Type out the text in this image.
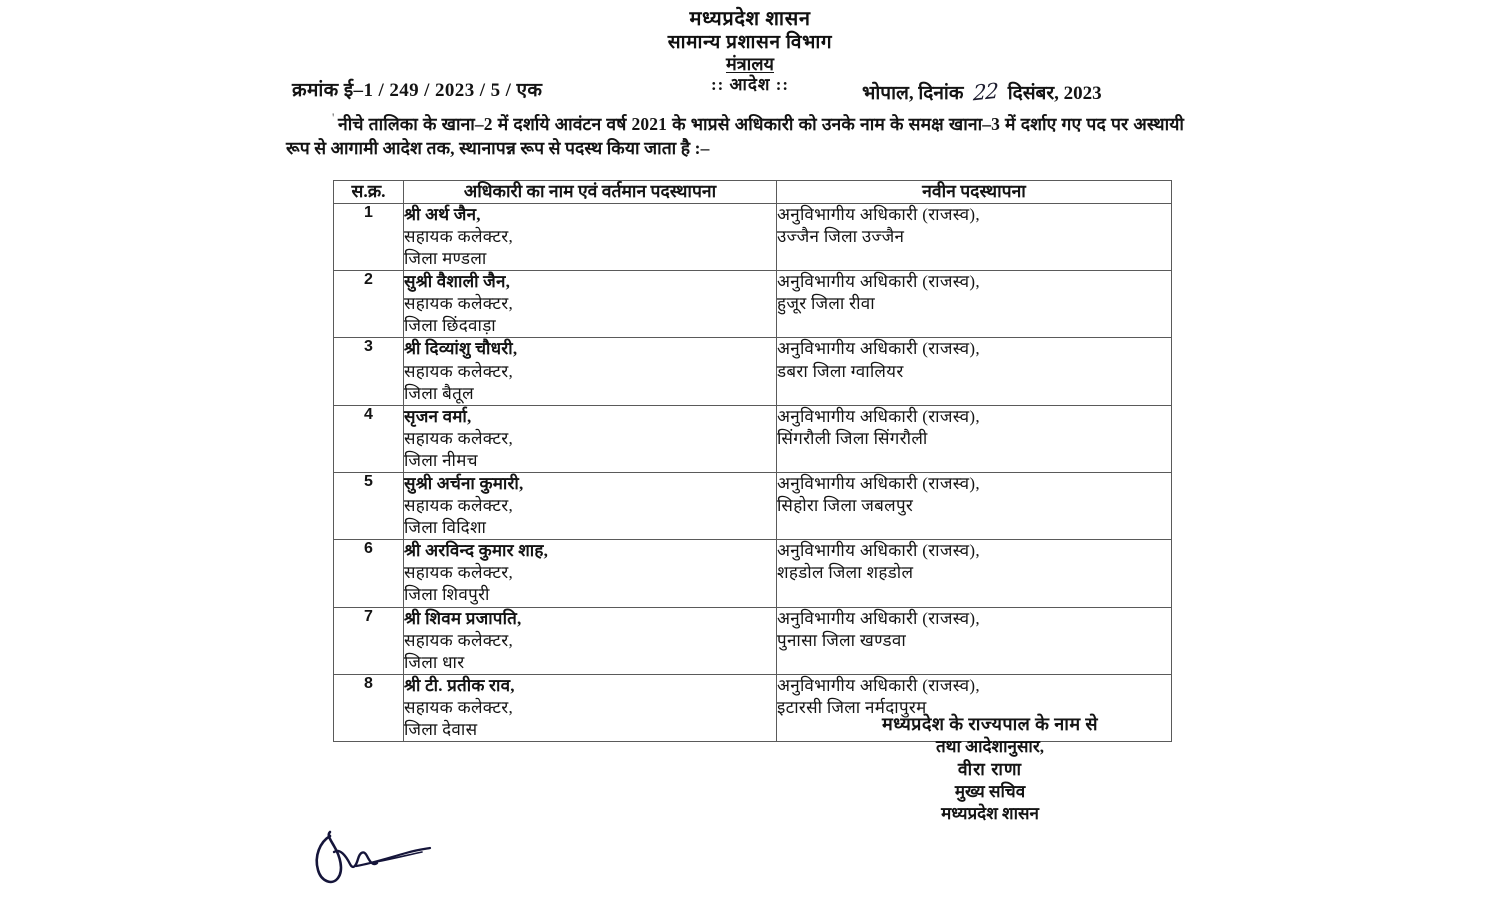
मध्यप्रदेश शासन
सामान्य प्रशासन विभाग
मंत्रालय
:: आदेश ::
क्रमांक ई–1 / 249 / 2023 / 5 / एक	भोपाल, दिनांक 22 दिसंबर, 2023
' नीचे तालिका के खाना–2 में दर्शाये आवंटन वर्ष 2021 के भाप्रसे अधिकारी को उनके नाम के समक्ष खाना–3 में दर्शाए गए पद पर अस्थायी रूप से आगामी आदेश तक, स्थानापन्न रूप से पदस्थ किया जाता है :–
स.क्र.	अधिकारी का नाम एवं वर्तमान पदस्थापना	नवीन पदस्थापना
1	श्री अर्थ जैन,
सहायक कलेक्टर,
जिला मण्डला	अनुविभागीय अधिकारी (राजस्व),
उज्जैन जिला उज्जैन

2	सुश्री वैशाली जैन,
सहायक कलेक्टर,
जिला छिंदवाड़ा	अनुविभागीय अधिकारी (राजस्व),
हुजूर जिला रीवा

3	श्री दिव्यांशु चौधरी,
सहायक कलेक्टर,
जिला बैतूल	अनुविभागीय अधिकारी (राजस्व),
डबरा जिला ग्वालियर

4	सृजन वर्मा,
सहायक कलेक्टर,
जिला नीमच	अनुविभागीय अधिकारी (राजस्व),
सिंगरौली जिला सिंगरौली

5	सुश्री अर्चना कुमारी,
सहायक कलेक्टर,
जिला विदिशा	अनुविभागीय अधिकारी (राजस्व),
सिहोरा जिला जबलपुर

6	श्री अरविन्द कुमार शाह,
सहायक कलेक्टर,
जिला शिवपुरी	अनुविभागीय अधिकारी (राजस्व),
शहडोल जिला शहडोल

7	श्री शिवम प्रजापति,
सहायक कलेक्टर,
जिला धार	अनुविभागीय अधिकारी (राजस्व),
पुनासा जिला खण्डवा

8	श्री टी. प्रतीक राव,
सहायक कलेक्टर,
जिला देवास	अनुविभागीय अधिकारी (राजस्व),
इटारसी जिला नर्मदापुरम्
मध्यप्रदेश के राज्यपाल के नाम से
तथा आदेशानुसार,
वीरा राणा
मुख्य सचिव
मध्यप्रदेश शासन
